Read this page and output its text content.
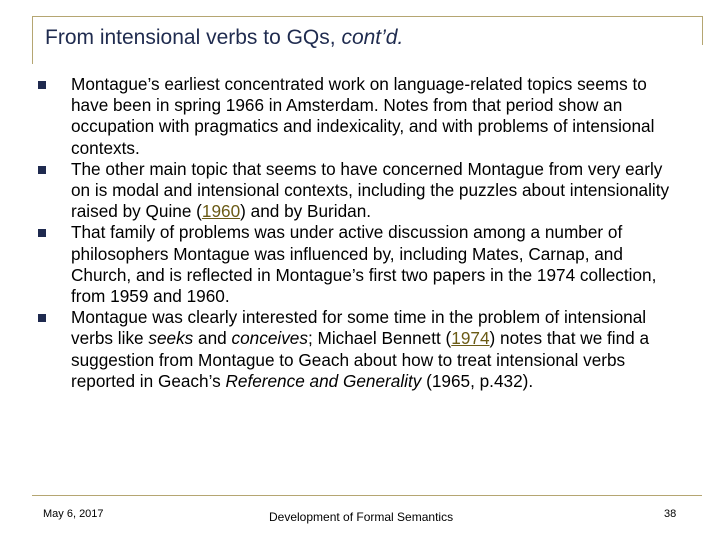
From intensional verbs to GQs, cont’d.
Montague’s earliest concentrated work on language-related topics seems to have been in spring 1966 in Amsterdam. Notes from that period show an occupation with pragmatics and indexicality, and with problems of intensional contexts.
The other main topic that seems to have concerned Montague from very early on is modal and intensional contexts, including the puzzles about intensionality raised by Quine (1960) and by Buridan.
That family of problems was under active discussion among a number of philosophers Montague was influenced by, including Mates, Carnap, and Church, and is reflected in Montague’s first two papers in the 1974 collection, from 1959 and 1960.
Montague was clearly interested for some time in the problem of intensional verbs like seeks and conceives; Michael Bennett (1974) notes that we find a suggestion from Montague to Geach about how to treat intensional verbs reported in Geach’s Reference and Generality (1965, p.432).
May 6, 2017	Development of Formal Semantics	38
